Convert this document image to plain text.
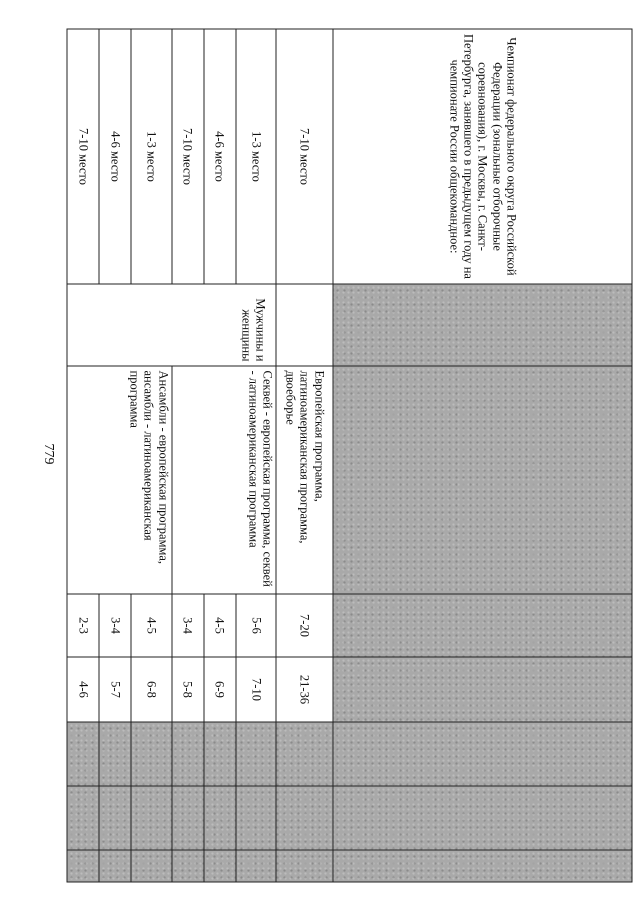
779
Чемпионат федерального округа Российской Федерации (зональные отборочные соревнования), г. Москвы, г. Санкт-Петербурга, занявшего в предыдущем году на чемпионате России общекомандное:							
7-10 место		Европейская программа, латиноамериканская программа, двоеборье	7-20	21-36			
1-3 место	Мужчины и женщины	Секвей - европейская программа, секвей - латиноамериканская программа	5-6	7-10			
4-6 место			4-5	6-9			
7-10 место			3-4	5-8			
1-3 место		Ансамбли - европейская программа, ансамбли - латиноамериканская программа	4-5	6-8			
4-6 место			3-4	5-7			
7-10 место			2-3	4-6			
